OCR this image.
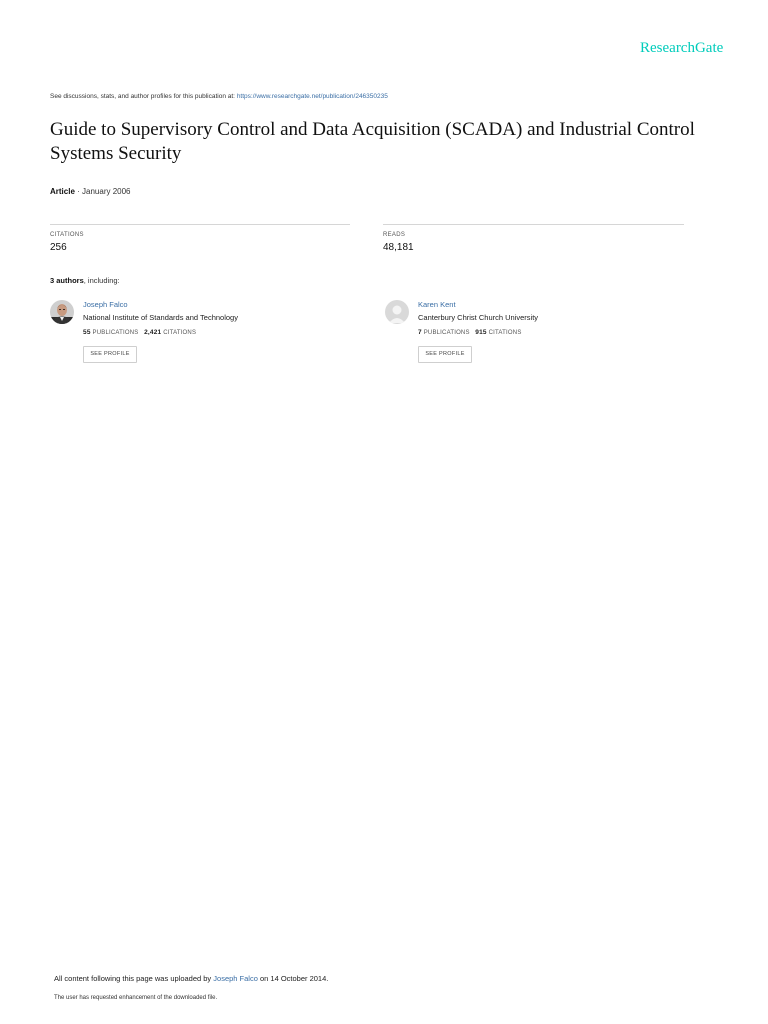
ResearchGate
See discussions, stats, and author profiles for this publication at: https://www.researchgate.net/publication/246350235
Guide to Supervisory Control and Data Acquisition (SCADA) and Industrial Control Systems Security
Article · January 2006
CITATIONS
256
READS
48,181
3 authors, including:
Joseph Falco
National Institute of Standards and Technology
55 PUBLICATIONS 2,421 CITATIONS
SEE PROFILE
Karen Kent
Canterbury Christ Church University
7 PUBLICATIONS 915 CITATIONS
SEE PROFILE
All content following this page was uploaded by Joseph Falco on 14 October 2014.
The user has requested enhancement of the downloaded file.
